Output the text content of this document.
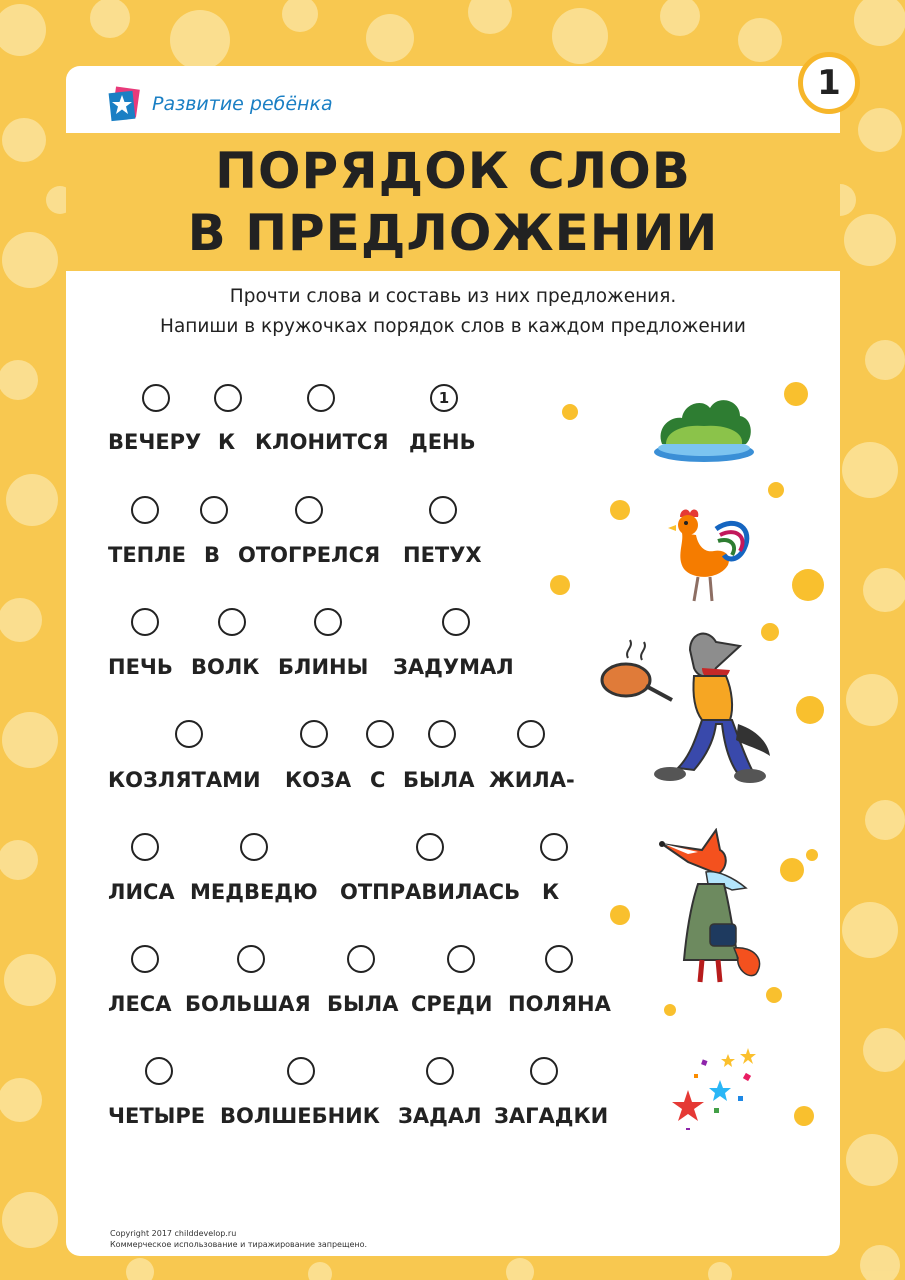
1
Развитие ребёнка
ПОРЯДОК СЛОВ
В ПРЕДЛОЖЕНИИ
Прочти слова и составь из них предложения.
Напиши в кружочках порядок слов в каждом предложении
1
ВЕЧЕРУ К КЛОНИТСЯ ДЕНЬ
ТЕПЛЕ В ОТОГРЕЛСЯ ПЕТУХ
ПЕЧЬ ВОЛК БЛИНЫ ЗАДУМАЛ
КОЗЛЯТАМИ КОЗА С БЫЛА ЖИЛА-
ЛИСА МЕДВЕДЮ ОТПРАВИЛАСЬ К
ЛЕСА БОЛЬШАЯ БЫЛА СРЕДИ ПОЛЯНА
ЧЕТЫРЕ ВОЛШЕБНИК ЗАДАЛ ЗАГАДКИ
Copyright 2017 childdevelop.ru
Коммерческое использование и тиражирование запрещено.
